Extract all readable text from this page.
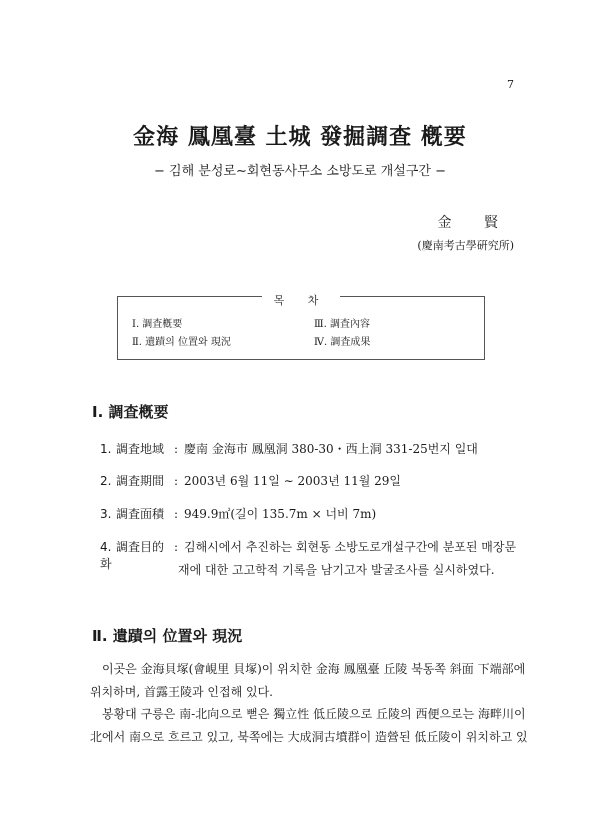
7
金海 鳳凰臺 土城 發掘調査 槪要
− 김해 분성로∼회현동사무소 소방도로 개설구간 −
金 賢
(慶南考古學硏究所)
목 차
Ⅰ. 調査槪要	Ⅲ. 調査內容
Ⅱ. 遺蹟의 位置와 現況	Ⅳ. 調査成果
Ⅰ. 調査槪要
1. 調査地域 : 慶南 金海市 鳳凰洞 380-30・西上洞 331-25번지 일대
2. 調査期間 : 2003년 6월 11일 ∼ 2003년 11월 29일
3. 調査面積 : 949.9㎡(길이 135.7m × 너비 7m)
4. 調査目的 : 김해시에서 추진하는 회현동 소방도로개설구간에 분포된 매장문화	재에 대한 고고학적 기록을 남기고자 발굴조사를 실시하였다.
Ⅱ. 遺蹟의 位置와 現況
이곳은 金海貝塚(會峴里 貝塚)이 위치한 金海 鳳凰臺 丘陵 북동쪽 斜面 下端部에
위치하며, 首露王陵과 인접해 있다.
봉황대 구릉은 南-北向으로 뻗은 獨立性 低丘陵으로 丘陵의 西便으로는 海畔川이
北에서 南으로 흐르고 있고, 북쪽에는 大成洞古墳群이 造營된 低丘陵이 위치하고 있
